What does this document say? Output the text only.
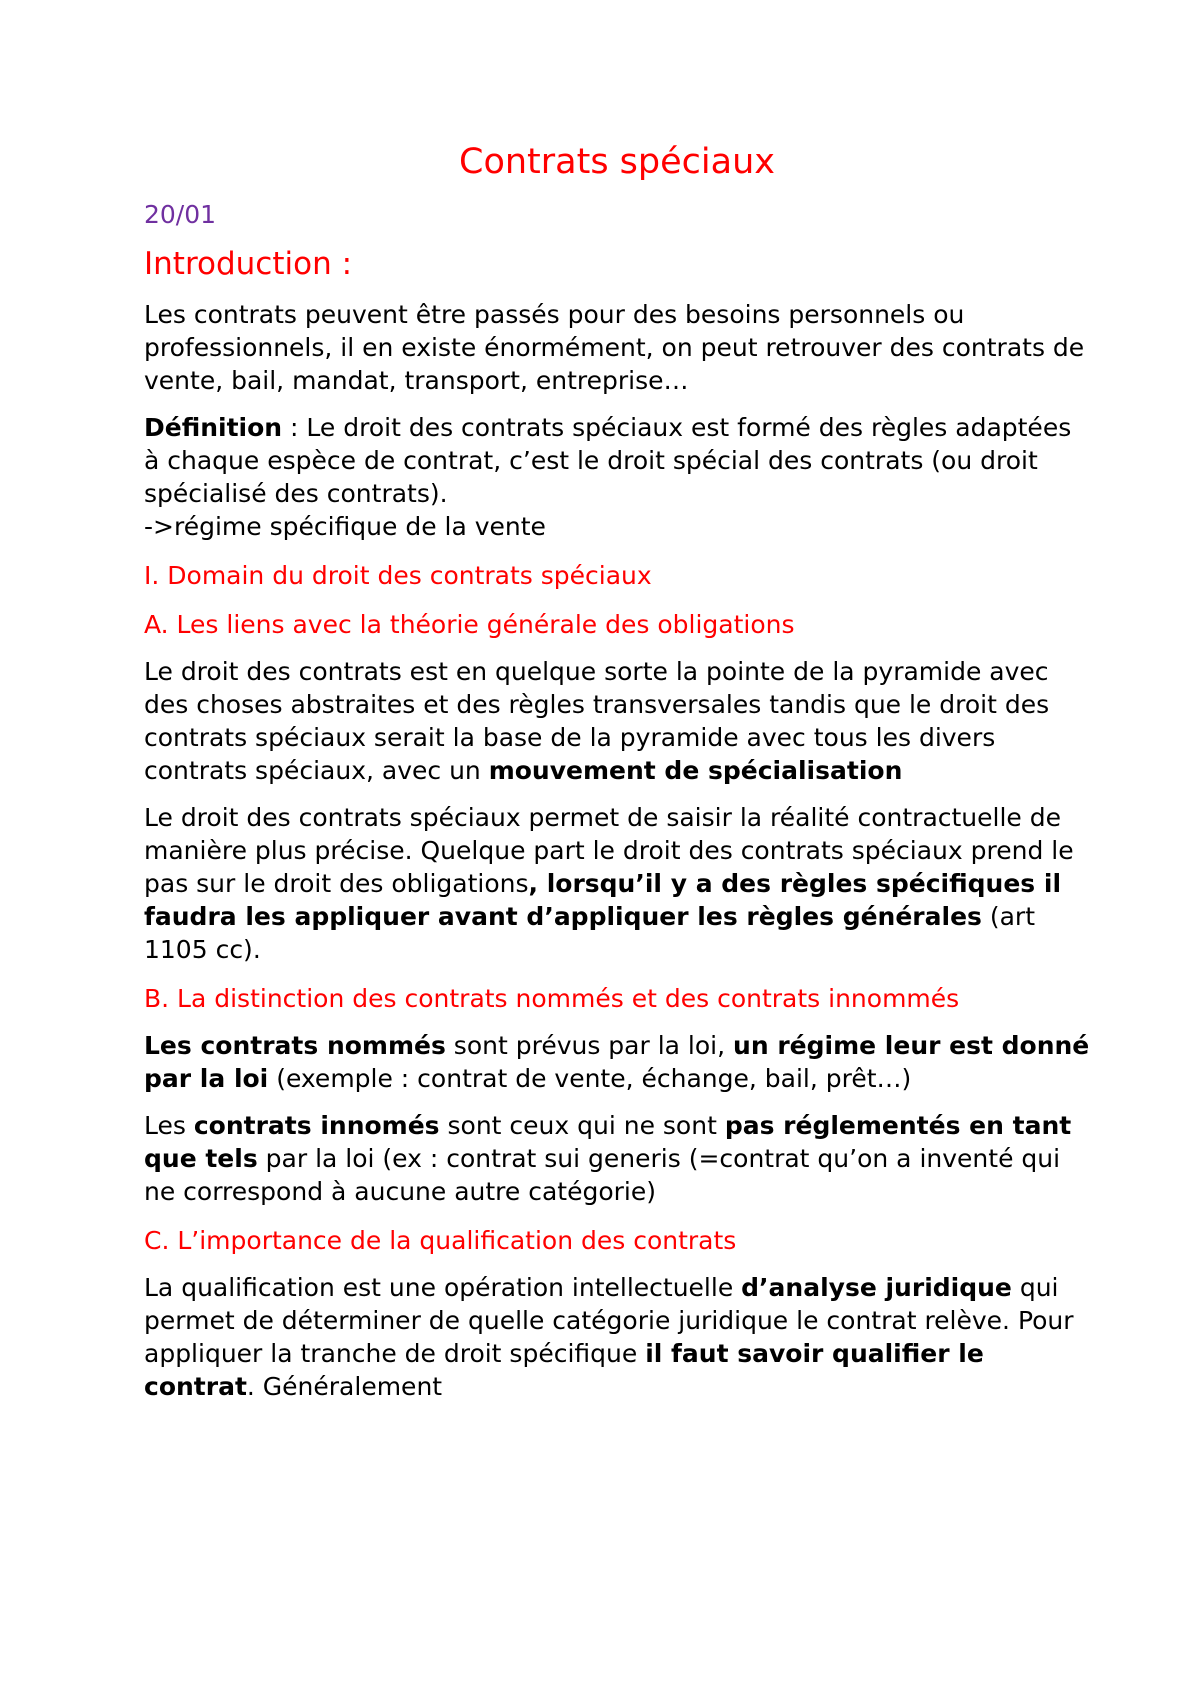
Contrats spéciaux
20/01
Introduction :

Les contrats peuvent être passés pour des besoins personnels ou professionnels, il en existe énormément, on peut retrouver des contrats de vente, bail, mandat, transport, entreprise…

Définition : Le droit des contrats spéciaux est formé des règles adaptées à chaque espèce de contrat, c’est le droit spécial des contrats (ou droit spécialisé des contrats).
->régime spécifique de la vente

I. Domain du droit des contrats spéciaux
A. Les liens avec la théorie générale des obligations

Le droit des contrats est en quelque sorte la pointe de la pyramide avec des choses abstraites et des règles transversales tandis que le droit des contrats spéciaux serait la base de la pyramide avec tous les divers contrats spéciaux, avec un mouvement de spécialisation

Le droit des contrats spéciaux permet de saisir la réalité contractuelle de manière plus précise. Quelque part le droit des contrats spéciaux prend le pas sur le droit des obligations, lorsqu’il y a des règles spécifiques il faudra les appliquer avant d’appliquer les règles générales (art 1105 cc).

B. La distinction des contrats nommés et des contrats innommés

Les contrats nommés sont prévus par la loi, un régime leur est donné par la loi (exemple : contrat de vente, échange, bail, prêt…)

Les contrats innomés sont ceux qui ne sont pas réglementés en tant que tels par la loi (ex : contrat sui generis (=contrat qu’on a inventé qui ne correspond à aucune autre catégorie)

C. L’importance de la qualification des contrats

La qualification est une opération intellectuelle d’analyse juridique qui permet de déterminer de quelle catégorie juridique le contrat relève. Pour appliquer la tranche de droit spécifique il faut savoir qualifier le contrat. Généralement
